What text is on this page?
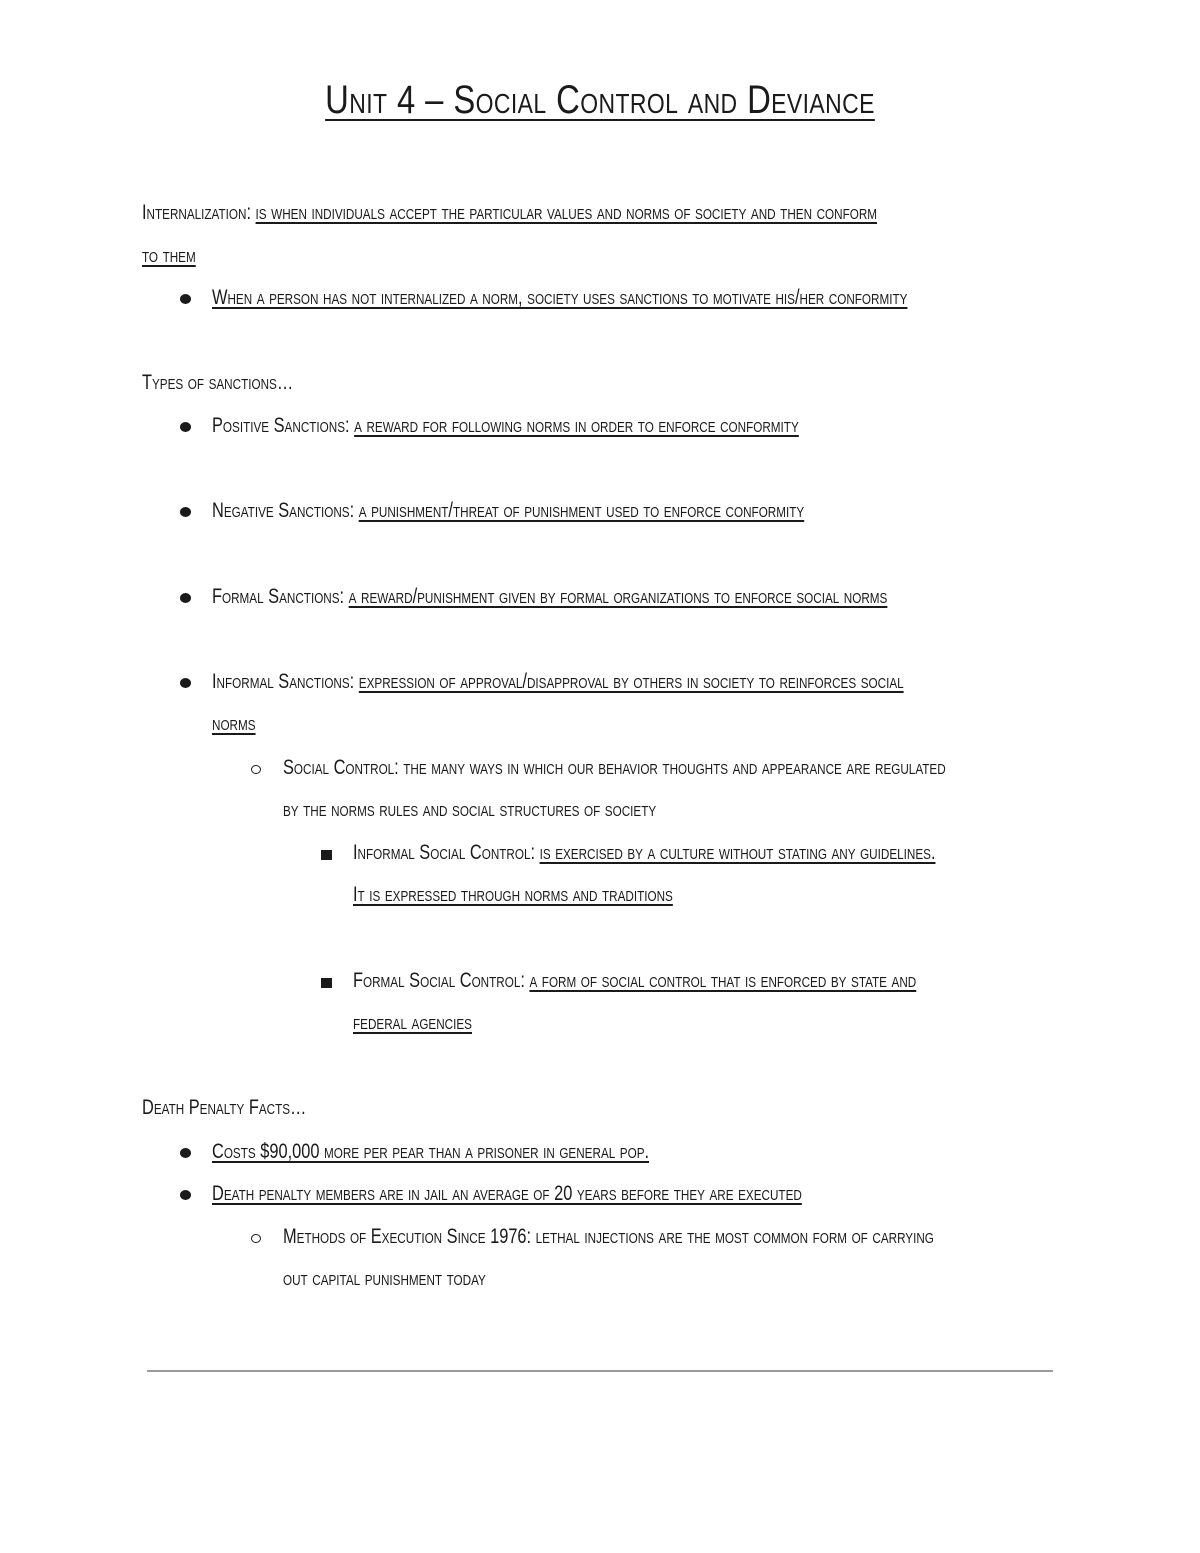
Unit 4 – Social Control and Deviance
Internalization: is when individuals accept the particular values and norms of society and then conform
to them
When a person has not internalized a norm, society uses sanctions to motivate his/her conformity
Types of sanctions…
Positive Sanctions: a reward for following norms in order to enforce conformity
Negative Sanctions: a punishment/threat of punishment used to enforce conformity
Formal Sanctions: a reward/punishment given by formal organizations to enforce social norms
Informal Sanctions: expression of approval/disapproval by others in society to reinforces social
norms
Social Control: the many ways in which our behavior thoughts and appearance are regulated
by the norms rules and social structures of society
Informal Social Control: is exercised by a culture without stating any guidelines.
It is expressed through norms and traditions
Formal Social Control: a form of social control that is enforced by state and
federal agencies
Death Penalty Facts…
Costs $90,000 more per pear than a prisoner in general pop.
Death penalty members are in jail an average of 20 years before they are executed
Methods of Execution Since 1976: lethal injections are the most common form of carrying
out capital punishment today
